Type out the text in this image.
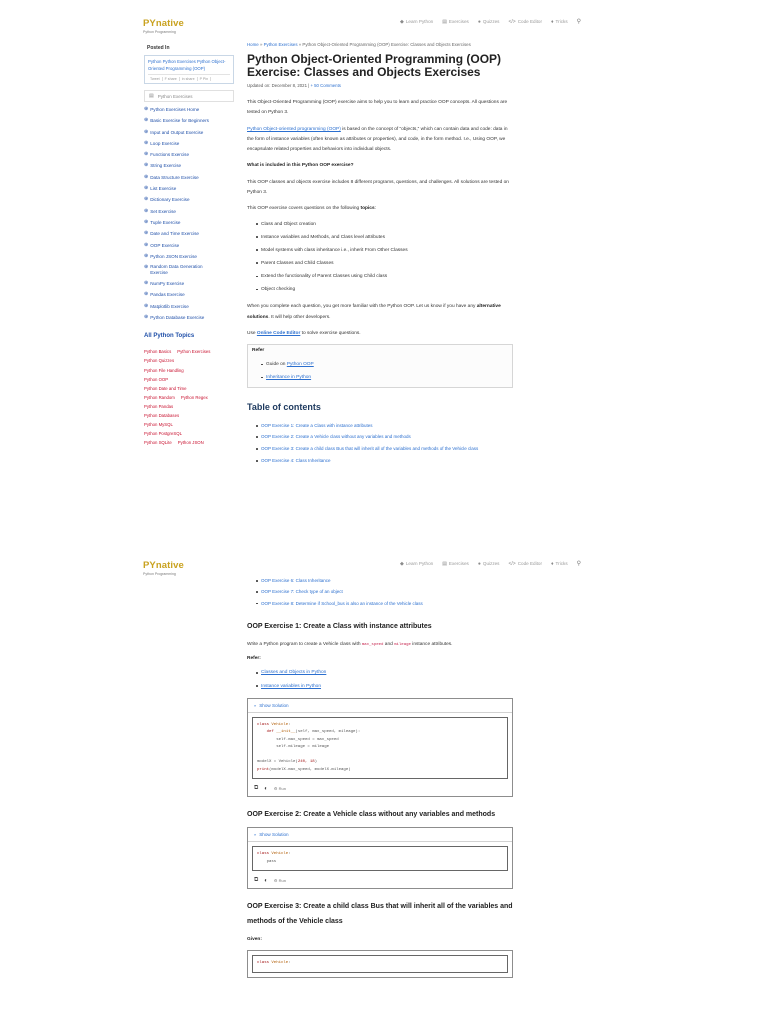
PYnative
Python Programming
◆ Learn Python ▤ Exercises ● Quizzes </> Code Editor ♦ Tricks ⚲
Posted In
Python Python Exercises Python Object-Oriented Programming (OOP)
Tweet	F share	in share	P Pin
▤ Python Exercises
⊕ Python Exercises Home
⊕ Basic Exercise for Beginners
⊕ Input and Output Exercise
⊕ Loop Exercise
⊕ Functions Exercise
⊕ String Exercise
⊕ Data Structure Exercise
⊕ List Exercise
⊕ Dictionary Exercise
⊕ Set Exercise
⊕ Tuple Exercise
⊕ Date and Time Exercise
⊕ OOP Exercise
⊕ Python JSON Exercise
⊕ Random Data Generation Exercise
⊕ NumPy Exercise
⊕ Pandas Exercise
⊕ Matplotlib Exercise
⊕ Python Database Exercise
All Python Topics
Python Basics Python Exercises
Python Quizzes
Python File Handling
Python OOP
Python Date and Time
Python Random Python Regex
Python Pandas
Python Databases
Python MySQL
Python PostgreSQL
Python SQLite Python JSON
Home » Python Exercises » Python Object-Oriented Programming (OOP) Exercise: Classes and Objects Exercises
Python Object-Oriented Programming (OOP) Exercise: Classes and Objects Exercises
Updated on: December 8, 2021 | + 50 Comments
This Object-Oriented Programming (OOP) exercise aims to help you to learn and practice OOP concepts. All questions are tested on Python 3.
Python Object-oriented programming (OOP) is based on the concept of “objects,” which can contain data and code: data in the form of instance variables (often known as attributes or properties), and code, in the form method. I.e., Using OOP, we encapsulate related properties and behaviors into individual objects.
What is included in this Python OOP exercise?
This OOP classes and objects exercise includes 8 different programs, questions, and challenges. All solutions are tested on Python 3.
This OOP exercise covers questions on the following topics:
Class and Object creation
Instance variables and Methods, and Class level attributes
Model systems with class inheritance i.e., inherit From Other Classes
Parent Classes and Child Classes
Extend the functionality of Parent Classes using Child class
Object checking
When you complete each question, you get more familiar with the Python OOP. Let us know if you have any alternative solutions. It will help other developers.
Use Online Code Editor to solve exercise questions.
Refer
Guide on Python OOP
Inheritance in Python
Table of contents
OOP Exercise 1: Create a Class with instance attributes
OOP Exercise 2: Create a Vehicle class without any variables and methods
OOP Exercise 3: Create a child class Bus that will inherit all of the variables and methods of the Vehicle class
OOP Exercise 4: Class Inheritance
PYnative
Python Programming
◆ Learn Python ▤ Exercises ● Quizzes </> Code Editor ♦ Tricks ⚲
OOP Exercise 6: Class Inheritance
OOP Exercise 7: Check type of an object
OOP Exercise 8: Determine if School_bus is also an instance of the Vehicle class
OOP Exercise 1: Create a Class with instance attributes
Write a Python program to create a Vehicle class with max_speed and mileage instance attributes.
Refer:
Classes and Objects in Python
Instance variables in Python
» Show Solution
class Vehicle:
def __init__(self, max_speed, mileage):
self.max_speed = max_speed
self.mileage = mileage

modelX = Vehicle(240, 18)
print(modelX.max_speed, modelX.mileage)
⧉ ◐ ⚙ Run
OOP Exercise 2: Create a Vehicle class without any variables and methods
» Show Solution
class Vehicle:
pass
⧉ ◐ ⚙ Run
OOP Exercise 3: Create a child class Bus that will inherit all of the variables and methods of the Vehicle class
Given:
class Vehicle:
